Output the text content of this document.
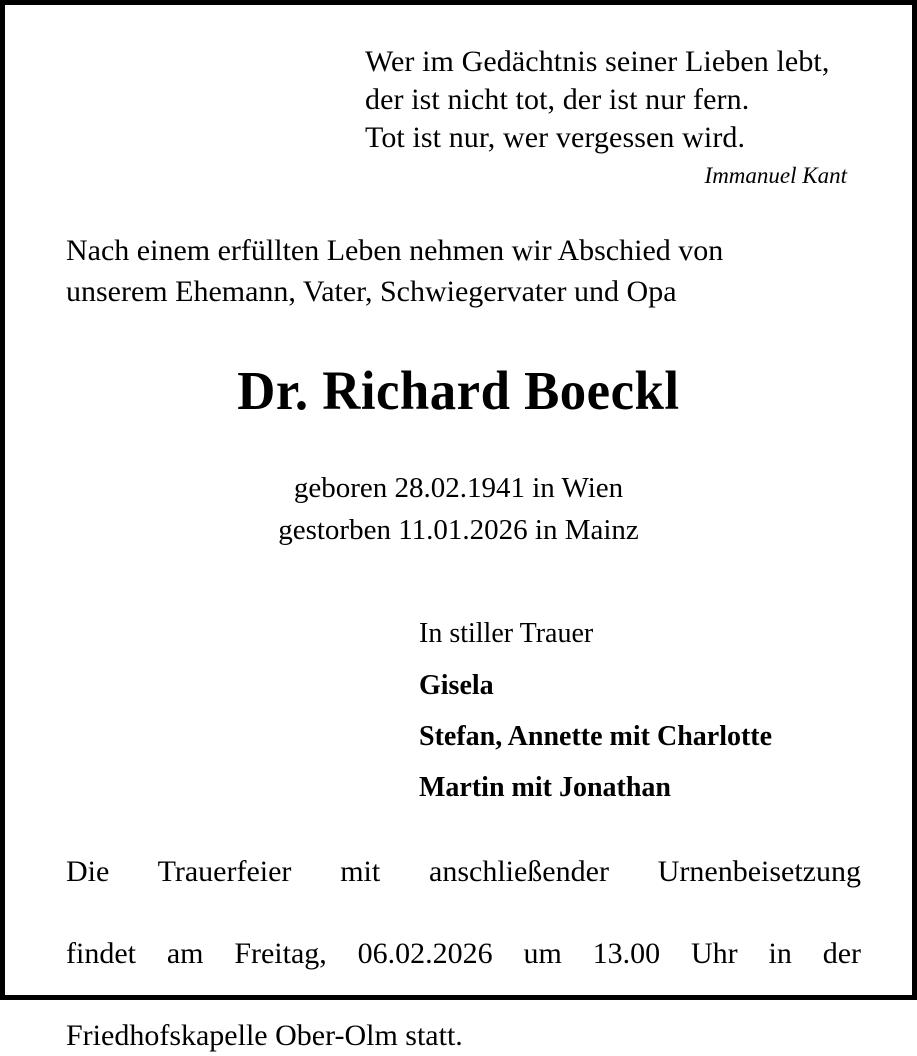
Wer im Gedächtnis seiner Lieben lebt,
der ist nicht tot, der ist nur fern.
Tot ist nur, wer vergessen wird.
Immanuel Kant
Nach einem erfüllten Leben nehmen wir Abschied von
unserem Ehemann, Vater, Schwiegervater und Opa
Dr. Richard Boeckl
geboren 28.02.1941 in Wien
gestorben 11.01.2026 in Mainz
In stiller Trauer
Gisela
Stefan, Annette mit Charlotte
Martin mit Jonathan
Die Trauerfeier mit anschließender Urnenbeisetzung
findet am Freitag, 06.02.2026 um 13.00 Uhr in der
Friedhofskapelle Ober-Olm statt.
